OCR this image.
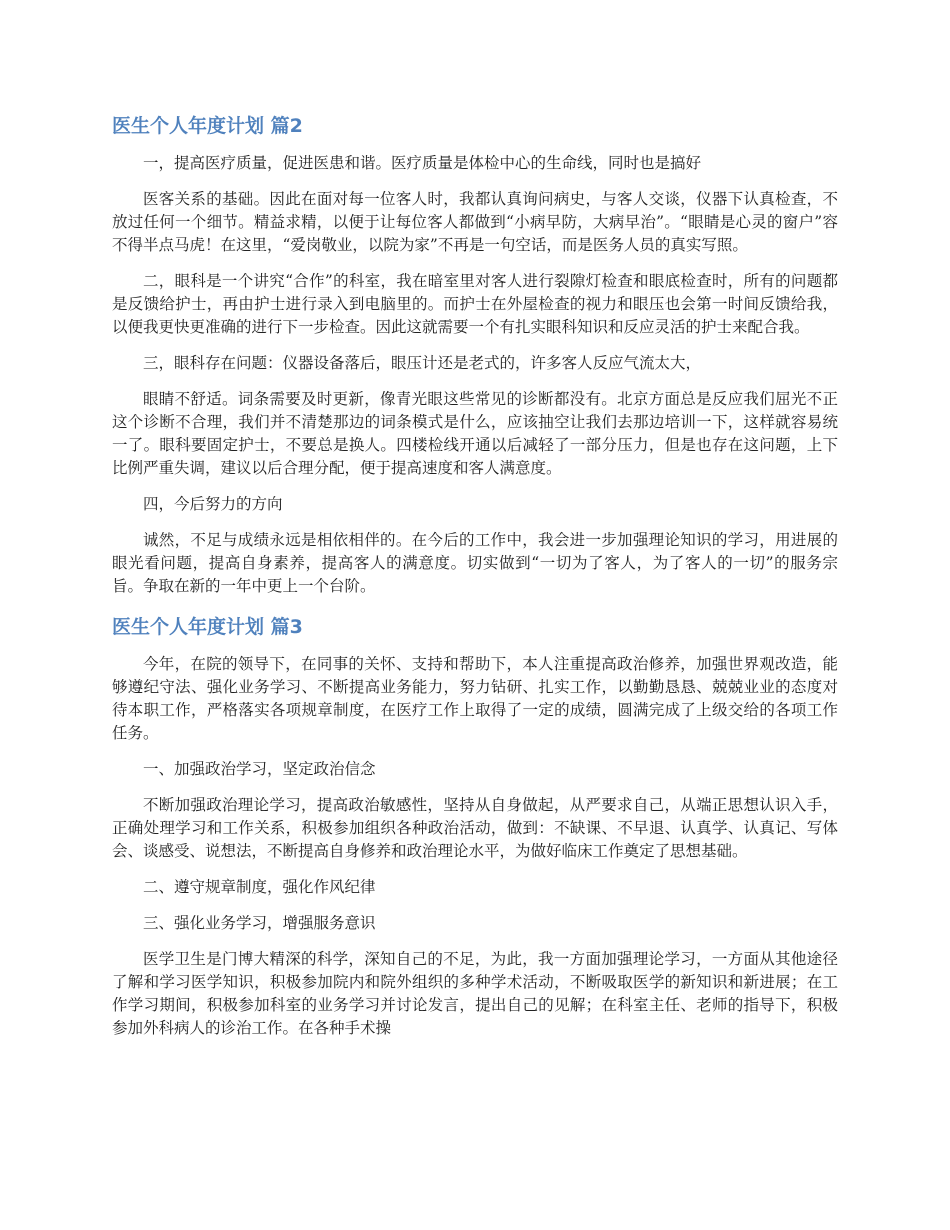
医生个人年度计划 篇2

一，提高医疗质量，促进医患和谐。医疗质量是体检中心的生命线，同时也是搞好

医客关系的基础。因此在面对每一位客人时，我都认真询问病史，与客人交谈，仪器下认真检查，不放过任何一个细节。精益求精，以便于让每位客人都做到“小病早防，大病早治”。“眼睛是心灵的窗户”容不得半点马虎！在这里，“爱岗敬业，以院为家”不再是一句空话，而是医务人员的真实写照。

二，眼科是一个讲究“合作”的科室，我在暗室里对客人进行裂隙灯检查和眼底检查时，所有的问题都是反馈给护士，再由护士进行录入到电脑里的。而护士在外屋检查的视力和眼压也会第一时间反馈给我，以便我更快更准确的进行下一步检查。因此这就需要一个有扎实眼科知识和反应灵活的护士来配合我。

三，眼科存在问题：仪器设备落后，眼压计还是老式的，许多客人反应气流太大，

眼睛不舒适。词条需要及时更新，像青光眼这些常见的诊断都没有。北京方面总是反应我们屈光不正这个诊断不合理，我们并不清楚那边的词条模式是什么，应该抽空让我们去那边培训一下，这样就容易统一了。眼科要固定护士，不要总是换人。四楼检线开通以后减轻了一部分压力，但是也存在这问题，上下比例严重失调，建议以后合理分配，便于提高速度和客人满意度。

四，今后努力的方向

诚然，不足与成绩永远是相依相伴的。在今后的工作中，我会进一步加强理论知识的学习，用进展的眼光看问题，提高自身素养，提高客人的满意度。切实做到“一切为了客人，为了客人的一切”的服务宗旨。争取在新的一年中更上一个台阶。

医生个人年度计划 篇3

今年，在院的领导下，在同事的关怀、支持和帮助下，本人注重提高政治修养，加强世界观改造，能够遵纪守法、强化业务学习、不断提高业务能力，努力钻研、扎实工作，以勤勤恳恳、兢兢业业的态度对待本职工作，严格落实各项规章制度，在医疗工作上取得了一定的成绩，圆满完成了上级交给的各项工作任务。

一、加强政治学习，坚定政治信念

不断加强政治理论学习，提高政治敏感性，坚持从自身做起，从严要求自己，从端正思想认识入手，正确处理学习和工作关系，积极参加组织各种政治活动，做到：不缺课、不早退、认真学、认真记、写体会、谈感受、说想法，不断提高自身修养和政治理论水平，为做好临床工作奠定了思想基础。

二、遵守规章制度，强化作风纪律

三、强化业务学习，增强服务意识

医学卫生是门博大精深的科学，深知自己的不足，为此，我一方面加强理论学习，一方面从其他途径了解和学习医学知识，积极参加院内和院外组织的多种学术活动，不断吸取医学的新知识和新进展；在工作学习期间，积极参加科室的业务学习并讨论发言，提出自己的见解；在科室主任、老师的指导下，积极参加外科病人的诊治工作。在各种手术操
